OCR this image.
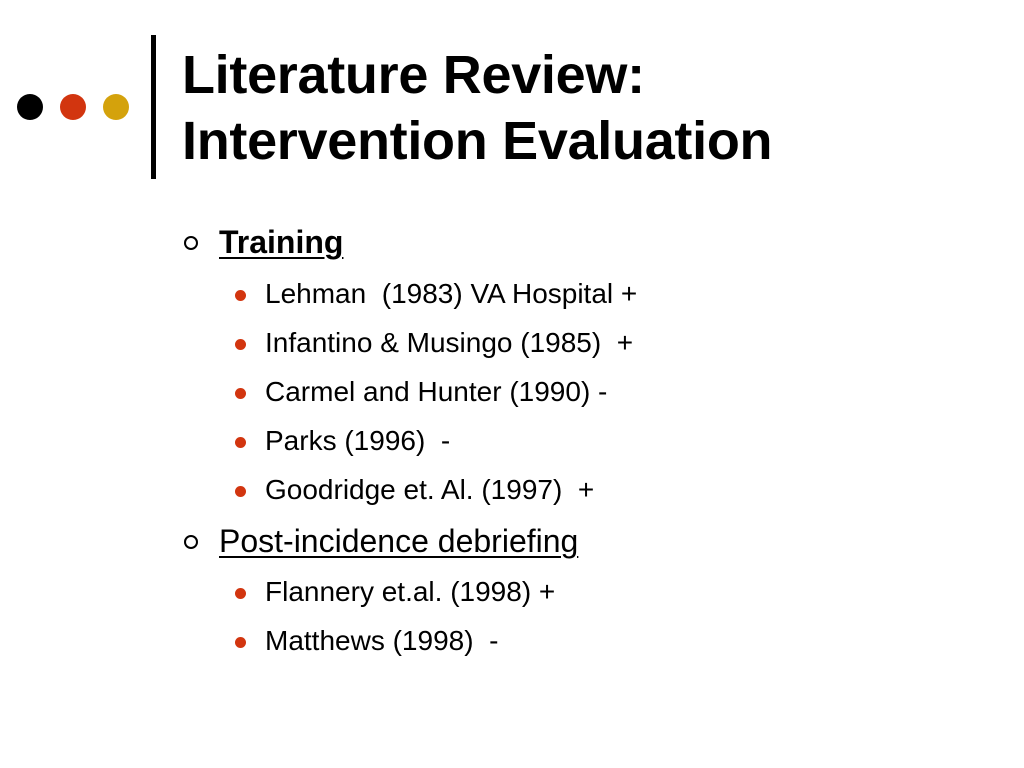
Literature Review:
Intervention Evaluation
Training
Lehman  (1983) VA Hospital +
Infantino & Musingo (1985)  +
Carmel and Hunter (1990) -
Parks (1996)  -
Goodridge et. Al. (1997)  +
Post-incidence debriefing
Flannery et.al. (1998) +
Matthews (1998)  -
